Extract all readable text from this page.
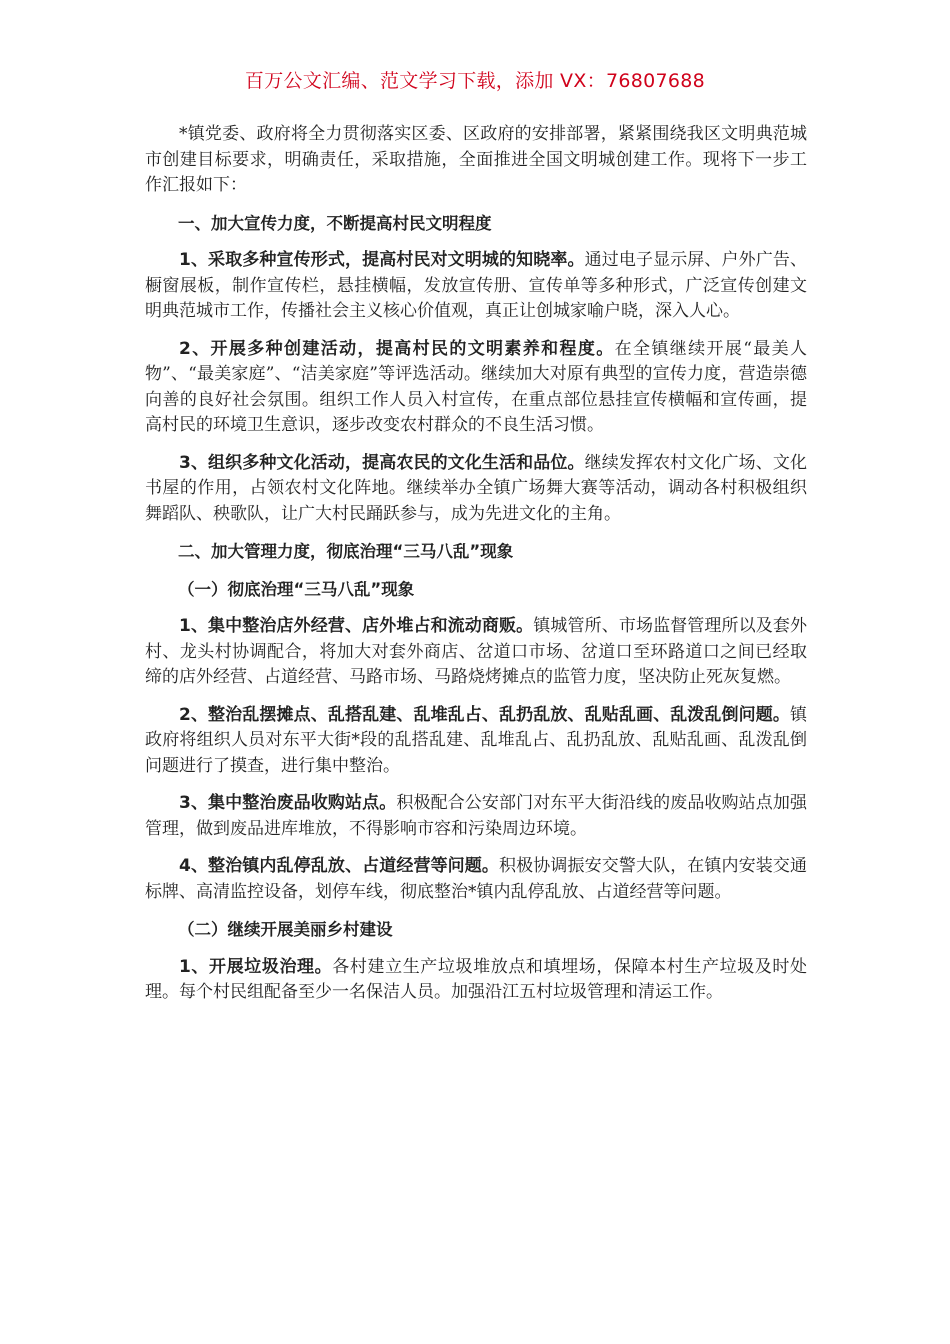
百万公文汇编、范文学习下载，添加 VX：76807688

*镇党委、政府将全力贯彻落实区委、区政府的安排部署，紧紧围绕我区文明典范城市创建目标要求，明确责任，采取措施，全面推进全国文明城创建工作。现将下一步工作汇报如下：

一、加大宣传力度，不断提高村民文明程度

1、采取多种宣传形式，提高村民对文明城的知晓率。通过电子显示屏、户外广告、橱窗展板，制作宣传栏，悬挂横幅，发放宣传册、宣传单等多种形式，广泛宣传创建文明典范城市工作，传播社会主义核心价值观，真正让创城家喻户晓，深入人心。

2、开展多种创建活动，提高村民的文明素养和程度。在全镇继续开展“最美人物”、“最美家庭”、“洁美家庭”等评选活动。继续加大对原有典型的宣传力度，营造崇德向善的良好社会氛围。组织工作人员入村宣传，在重点部位悬挂宣传横幅和宣传画，提高村民的环境卫生意识，逐步改变农村群众的不良生活习惯。

3、组织多种文化活动，提高农民的文化生活和品位。继续发挥农村文化广场、文化书屋的作用，占领农村文化阵地。继续举办全镇广场舞大赛等活动，调动各村积极组织舞蹈队、秧歌队，让广大村民踊跃参与，成为先进文化的主角。

二、加大管理力度，彻底治理“三马八乱”现象

（一）彻底治理“三马八乱”现象

1、集中整治店外经营、店外堆占和流动商贩。镇城管所、市场监督管理所以及套外村、龙头村协调配合，将加大对套外商店、岔道口市场、岔道口至环路道口之间已经取缔的店外经营、占道经营、马路市场、马路烧烤摊点的监管力度，坚决防止死灰复燃。

2、整治乱摆摊点、乱搭乱建、乱堆乱占、乱扔乱放、乱贴乱画、乱泼乱倒问题。镇政府将组织人员对东平大街*段的乱搭乱建、乱堆乱占、乱扔乱放、乱贴乱画、乱泼乱倒问题进行了摸查，进行集中整治。

3、集中整治废品收购站点。积极配合公安部门对东平大街沿线的废品收购站点加强管理，做到废品进库堆放，不得影响市容和污染周边环境。

4、整治镇内乱停乱放、占道经营等问题。积极协调振安交警大队，在镇内安装交通标牌、高清监控设备，划停车线，彻底整治*镇内乱停乱放、占道经营等问题。

（二）继续开展美丽乡村建设

1、开展垃圾治理。各村建立生产垃圾堆放点和填埋场，保障本村生产垃圾及时处理。每个村民组配备至少一名保洁人员。加强沿江五村垃圾管理和清运工作。
